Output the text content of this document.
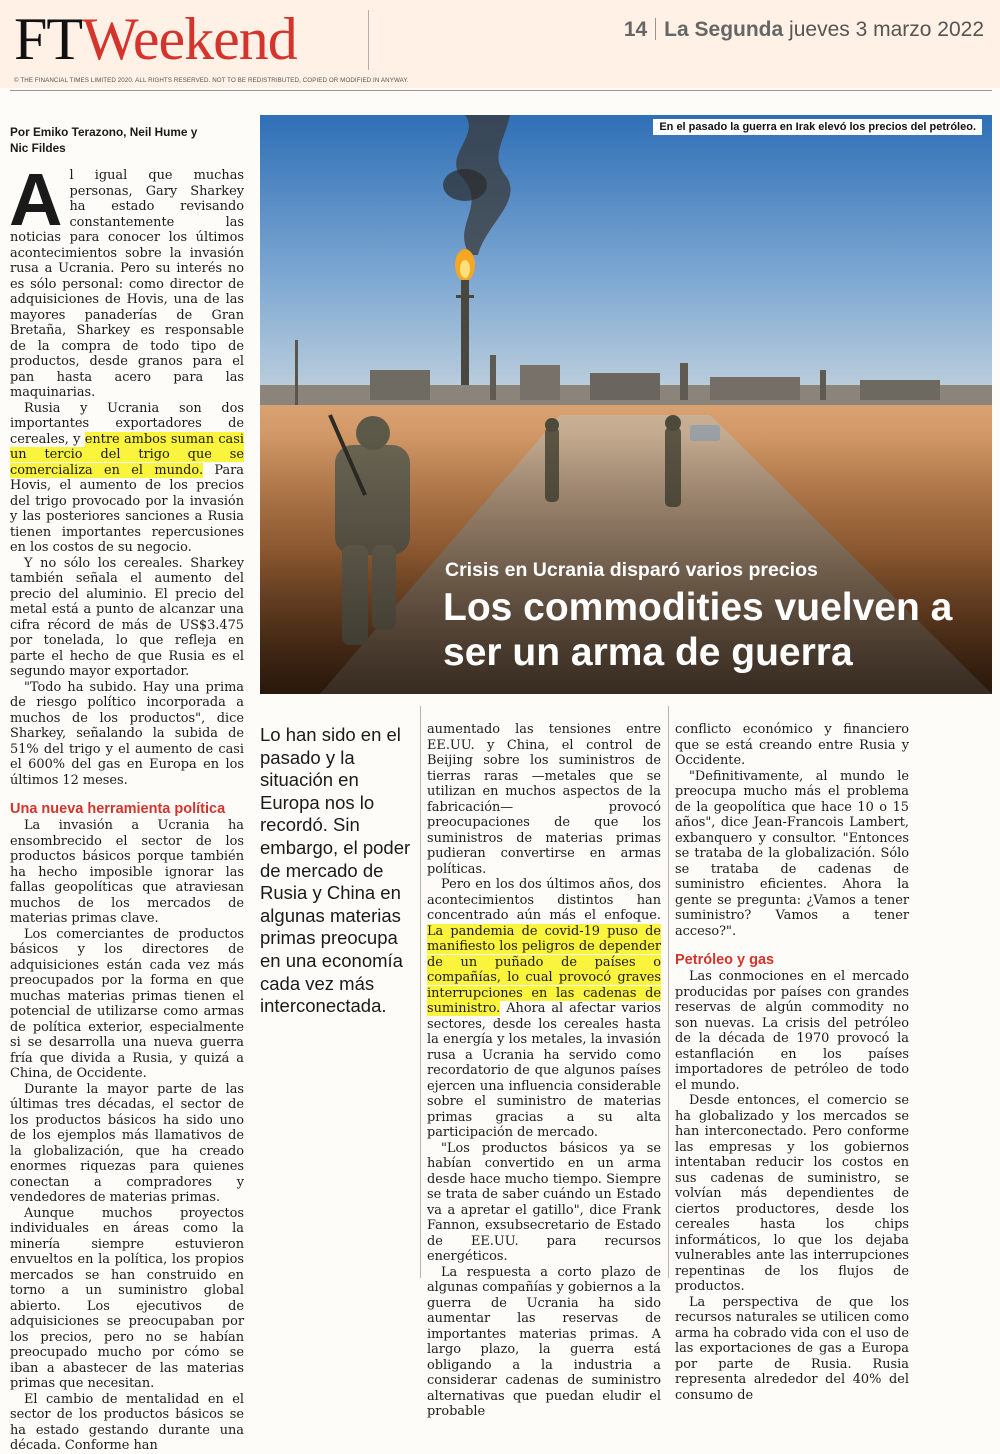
FTWeekend	14 La Segunda jueves 3 marzo 2022
© THE FINANCIAL TIMES LIMITED 2020. ALL RIGHTS RESERVED. NOT TO BE REDISTRIBUTED, COPIED OR MODIFIED IN ANYWAY.
Por Emiko Terazono, Neil Hume y
Nic Fildes

Al igual que muchas personas, Gary Sharkey ha estado revisando constantemente las noticias para conocer los últimos acontecimientos sobre la invasión rusa a Ucrania. Pero su interés no es sólo personal: como director de adquisiciones de Hovis, una de las mayores panaderías de Gran Bretaña, Sharkey es responsable de la compra de todo tipo de productos, desde granos para el pan hasta acero para las maquinarias.

Rusia y Ucrania son dos importantes exportadores de cereales, y entre ambos suman casi un tercio del trigo que se comercializa en el mundo. Para Hovis, el aumento de los precios del trigo provocado por la invasión y las posteriores sanciones a Rusia tienen importantes repercusiones en los costos de su negocio.

Y no sólo los cereales. Sharkey también señala el aumento del precio del aluminio. El precio del metal está a punto de alcanzar una cifra récord de más de US$3.475 por tonelada, lo que refleja en parte el hecho de que Rusia es el segundo mayor exportador.

"Todo ha subido. Hay una prima de riesgo político incorporada a muchos de los productos", dice Sharkey, señalando la subida de 51% del trigo y el aumento de casi el 600% del gas en Europa en los últimos 12 meses.

Una nueva herramienta política

La invasión a Ucrania ha ensombrecido el sector de los productos básicos porque también ha hecho imposible ignorar las fallas geopolíticas que atraviesan muchos de los mercados de materias primas clave.

Los comerciantes de productos básicos y los directores de adquisiciones están cada vez más preocupados por la forma en que muchas materias primas tienen el potencial de utilizarse como armas de política exterior, especialmente si se desarrolla una nueva guerra fría que divida a Rusia, y quizá a China, de Occidente.

Durante la mayor parte de las últimas tres décadas, el sector de los productos básicos ha sido uno de los ejemplos más llamativos de la globalización, que ha creado enormes riquezas para quienes conectan a compradores y vendedores de materias primas.

Aunque muchos proyectos individuales en áreas como la minería siempre estuvieron envueltos en la política, los propios mercados se han construido en torno a un suministro global abierto. Los ejecutivos de adquisiciones se preocupaban por los precios, pero no se habían preocupado mucho por cómo se iban a abastecer de las materias primas que necesitan.

El cambio de mentalidad en el sector de los productos básicos se ha estado gestando durante una década. Conforme han

En el pasado la guerra en Irak elevó los precios del petróleo.
Crisis en Ucrania disparó varios precios
Los commodities vuelven a ser un arma de guerra
Lo han sido en el pasado y la situación en Europa nos lo recordó. Sin embargo, el poder de mercado de Rusia y China en algunas materias primas preocupa en una economía cada vez más interconectada.

aumentado las tensiones entre EE.UU. y China, el control de Beijing sobre los suministros de tierras raras —metales que se utilizan en muchos aspectos de la fabricación— provocó preocupaciones de que los suministros de materias primas pudieran convertirse en armas políticas.

Pero en los dos últimos años, dos acontecimientos distintos han concentrado aún más el enfoque. La pandemia de covid-19 puso de manifiesto los peligros de depender de un puñado de países o compañías, lo cual provocó graves interrupciones en las cadenas de suministro. Ahora al afectar varios sectores, desde los cereales hasta la energía y los metales, la invasión rusa a Ucrania ha servido como recordatorio de que algunos países ejercen una influencia considerable sobre el suministro de materias primas gracias a su alta participación de mercado.

"Los productos básicos ya se habían convertido en un arma desde hace mucho tiempo. Siempre se trata de saber cuándo un Estado va a apretar el gatillo", dice Frank Fannon, exsubsecretario de Estado de EE.UU. para recursos energéticos.

La respuesta a corto plazo de algunas compañías y gobiernos a la guerra de Ucrania ha sido aumentar las reservas de importantes materias primas. A largo plazo, la guerra está obligando a la industria a considerar cadenas de suministro alternativas que puedan eludir el probable

conflicto económico y financiero que se está creando entre Rusia y Occidente.

"Definitivamente, al mundo le preocupa mucho más el problema de la geopolítica que hace 10 o 15 años", dice Jean-Francois Lambert, exbanquero y consultor. "Entonces se trataba de la globalización. Sólo se trataba de cadenas de suministro eficientes. Ahora la gente se pregunta: ¿Vamos a tener suministro? Vamos a tener acceso?".

Petróleo y gas

Las conmociones en el mercado producidas por países con grandes reservas de algún commodity no son nuevas. La crisis del petróleo de la década de 1970 provocó la estanflación en los países importadores de petróleo de todo el mundo.

Desde entonces, el comercio se ha globalizado y los mercados se han interconectado. Pero conforme las empresas y los gobiernos intentaban reducir los costos en sus cadenas de suministro, se volvían más dependientes de ciertos productores, desde los cereales hasta los chips informáticos, lo que los dejaba vulnerables ante las interrupciones repentinas de los flujos de productos.

La perspectiva de que los recursos naturales se utilicen como arma ha cobrado vida con el uso de las exportaciones de gas a Europa por parte de Rusia. Rusia representa alrededor del 40% del consumo de
